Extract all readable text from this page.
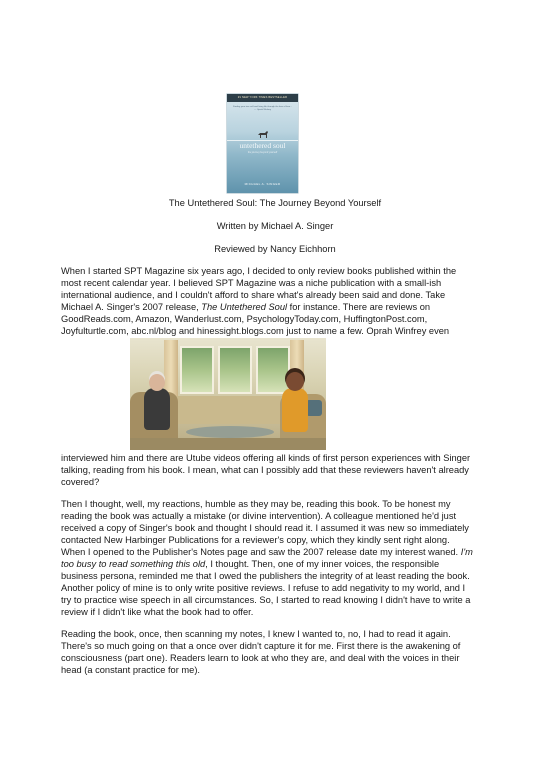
#1 NEW YORK TIMES BESTSELLER
Finding your true self and living life through the lens of love... — Oprah Winfrey
untethered soul
the journey beyond yourself
MICHAEL A. SINGER
The Untethered Soul: The Journey Beyond Yourself
Written by Michael A. Singer
Reviewed by Nancy Eichhorn
When I started SPT Magazine six years ago, I decided to only review books published within the
most recent calendar year. I believed SPT Magazine was a niche publication with a small-ish
international audience, and I couldn't afford to share what's already been said and done. Take
Michael A. Singer's 2007 release, The Untethered Soul for instance. There are reviews on
GoodReads.com, Amazon, Wanderlust.com, PsychologyToday.com, HuffingtonPost.com,
Joyfulturtle.com, abc.nl/blog and hinessight.blogs.com just to name a few. Oprah Winfrey even
interviewed him and there are Utube videos offering all kinds of first person experiences with Singer
talking, reading from his book. I mean, what can I possibly add that these reviewers haven't already
covered?
Then I thought, well, my reactions, humble as they may be, reading this book. To be honest my
reading the book was actually a mistake (or divine intervention). A colleague mentioned he'd just
received a copy of Singer's book and thought I should read it. I assumed it was new so immediately
contacted New Harbinger Publications for a reviewer's copy, which they kindly sent right along.
When I opened to the Publisher's Notes page and saw the 2007 release date my interest waned. I'm
too busy to read something this old, I thought. Then, one of my inner voices, the responsible
business persona, reminded me that I owed the publishers the integrity of at least reading the book.
Another policy of mine is to only write positive reviews. I refuse to add negativity to my world, and I
try to practice wise speech in all circumstances. So, I started to read knowing I didn't have to write a
review if I didn't like what the book had to offer.
Reading the book, once, then scanning my notes, I knew I wanted to, no, I had to read it again.
There's so much going on that a once over didn't capture it for me. First there is the awakening of
consciousness (part one). Readers learn to look at who they are, and deal with the voices in their
head (a constant practice for me).
